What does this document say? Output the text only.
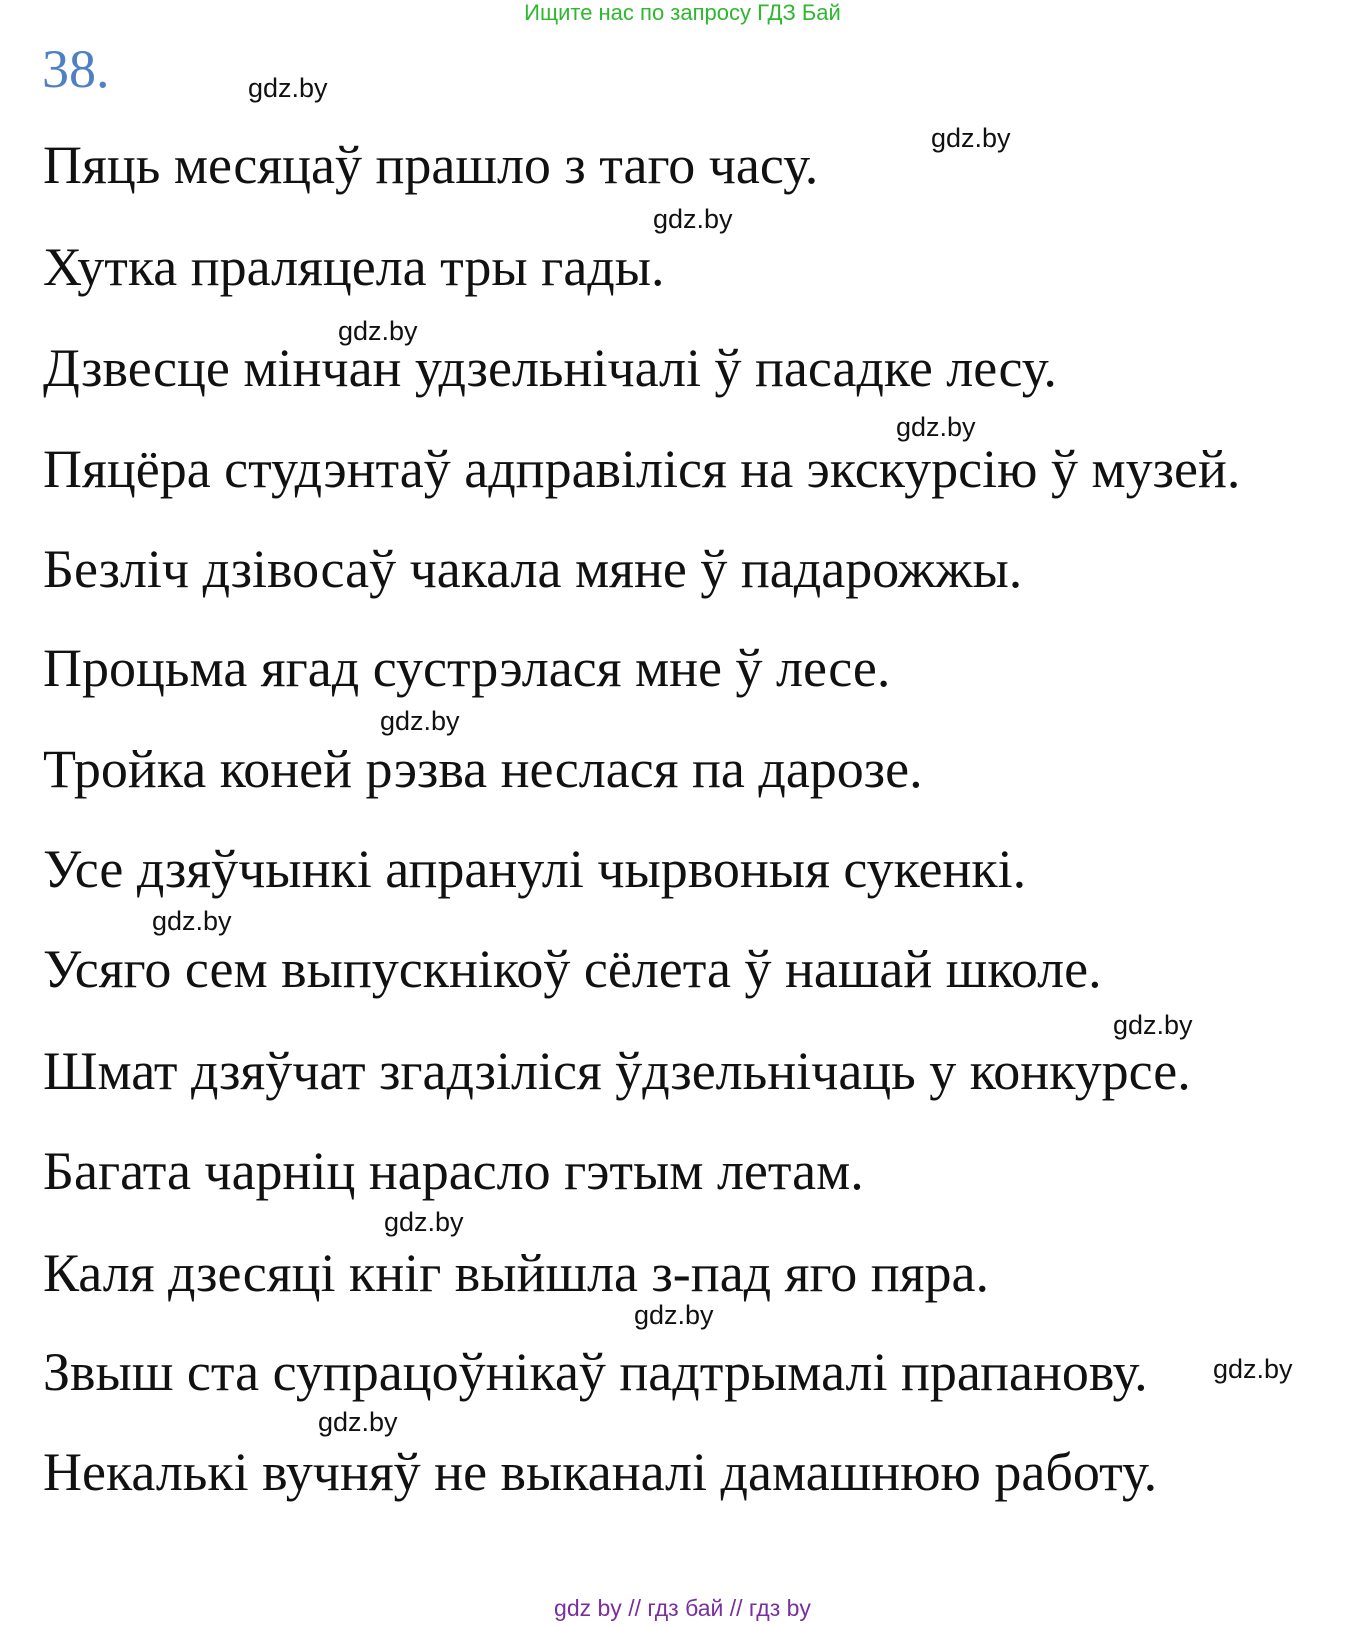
Ищите нас по запросу ГДЗ Бай
38.
Пяць месяцаў прашло з таго часу.
Хутка праляцела тры гады.
Дзвесце мінчан удзельнічалі ў пасадке лесу.
Пяцёра студэнтаў адправіліся на экскурсію ў музей.
Безліч дзівосаў чакала мяне ў падарожжы.
Процьма ягад сустрэлася мне ў лесе.
Тройка коней рэзва неслася па дарозе.
Усе дзяўчынкі апранулі чырвоныя сукенкі.
Усяго сем выпускнікоў сёлета ў нашай школе.
Шмат дзяўчат згадзіліся ўдзельнічаць у конкурсе.
Багата чарніц нарасло гэтым летам.
Каля дзесяці кніг выйшла з-пад яго пяра.
Звыш ста супрацоўнікаў падтрымалі прапанову.
Некалькі вучняў не выканалі дамашнюю работу.
gdz.by
gdz.by
gdz.by
gdz.by
gdz.by
gdz.by
gdz.by
gdz.by
gdz.by
gdz.by
gdz.by
gdz.by
gdz by // гдз бай // гдз by
